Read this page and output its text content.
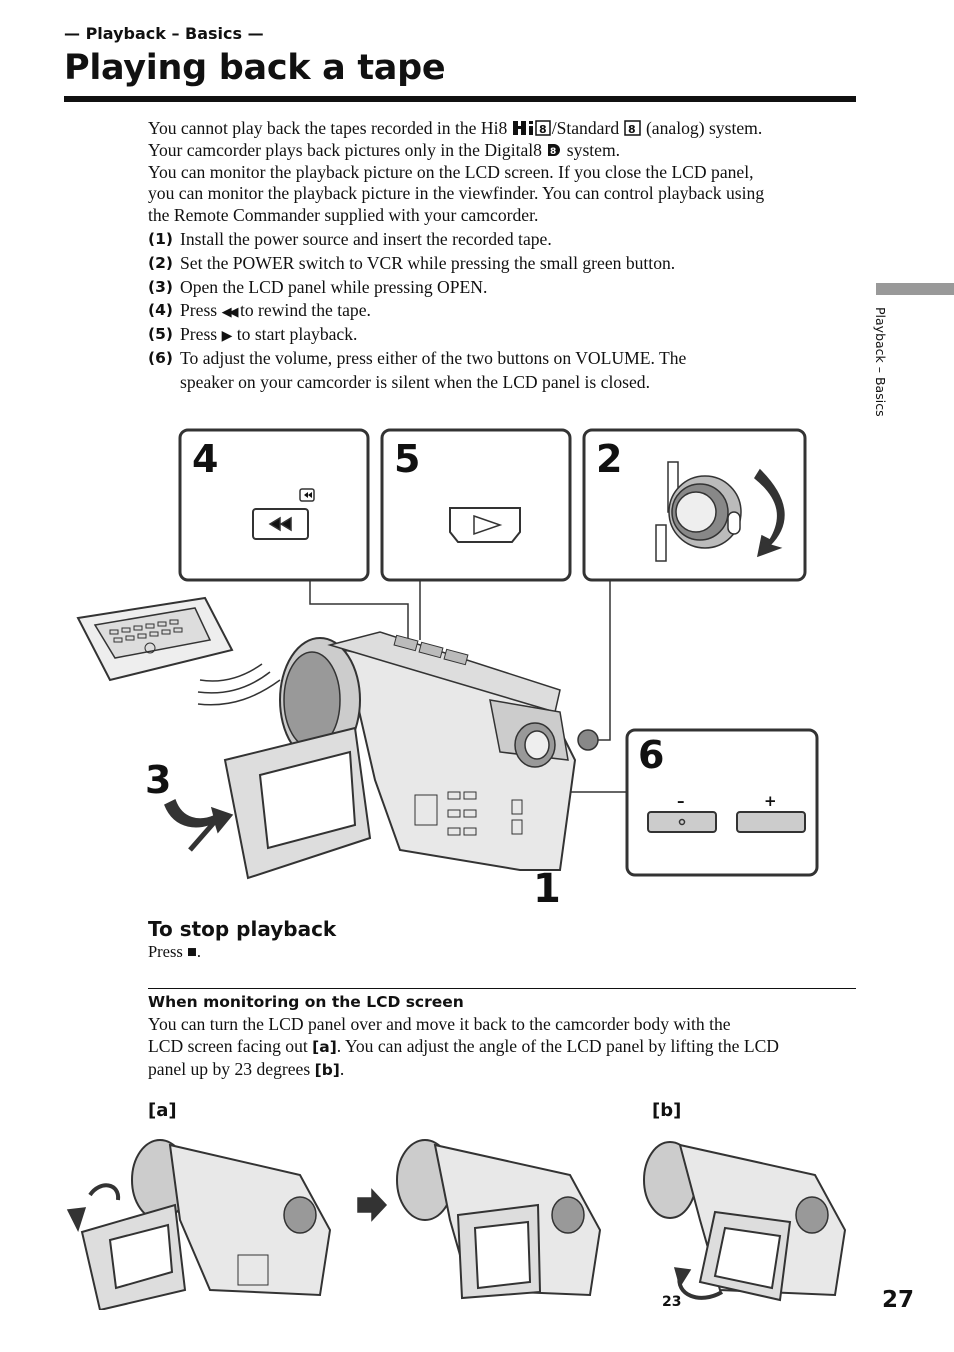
— Playback – Basics —
Playing back a tape
You cannot play back the tapes recorded in the Hi8	8 /Standard 8 (analog) system.
Your camcorder plays back pictures only in the Digital8 8 system.
You can monitor the playback picture on the LCD screen. If you close the LCD panel,
you can monitor the playback picture in the viewfinder. You can control playback using
the Remote Commander supplied with your camcorder.
(1) Install the power source and insert the recorded tape.
(2) Set the POWER switch to VCR while pressing the small green button.
(3) Open the LCD panel while pressing OPEN.
(4) Press ◀◀ to rewind the tape.
(5) Press ▶ to start playback.
(6) To adjust the volume, press either of the two buttons on VOLUME. The
speaker on your camcorder is silent when the LCD panel is closed.	Playback – Basics
4	5	2
6
3
1
–	+
To stop playback
Press ■.
When monitoring on the LCD screen
You can turn the LCD panel over and move it back to the camcorder body with the
LCD screen facing out [a]. You can adjust the angle of the LCD panel by lifting the LCD
panel up by 23 degrees [b].
[a]	[b]
23	27
